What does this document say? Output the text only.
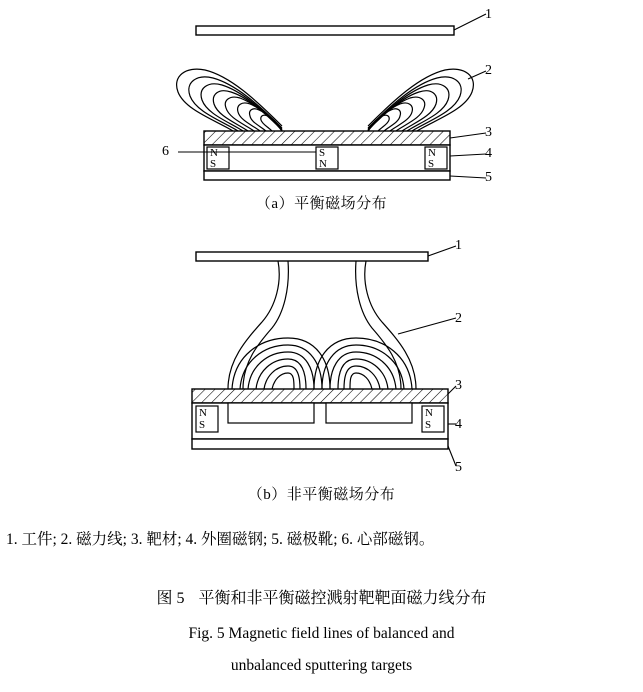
N
S
S
N
N
S
1
2
3
4
5
6
（a）平衡磁场分布
N
S
N
S
1
2
3
4
5
（b）非平衡磁场分布
1. 工件; 2. 磁力线; 3. 靶材; 4. 外圈磁钢; 5. 磁极靴; 6. 心部磁钢。
图 5 平衡和非平衡磁控溅射靶靶面磁力线分布
Fig. 5 Magnetic field lines of balanced and
unbalanced sputtering targets
